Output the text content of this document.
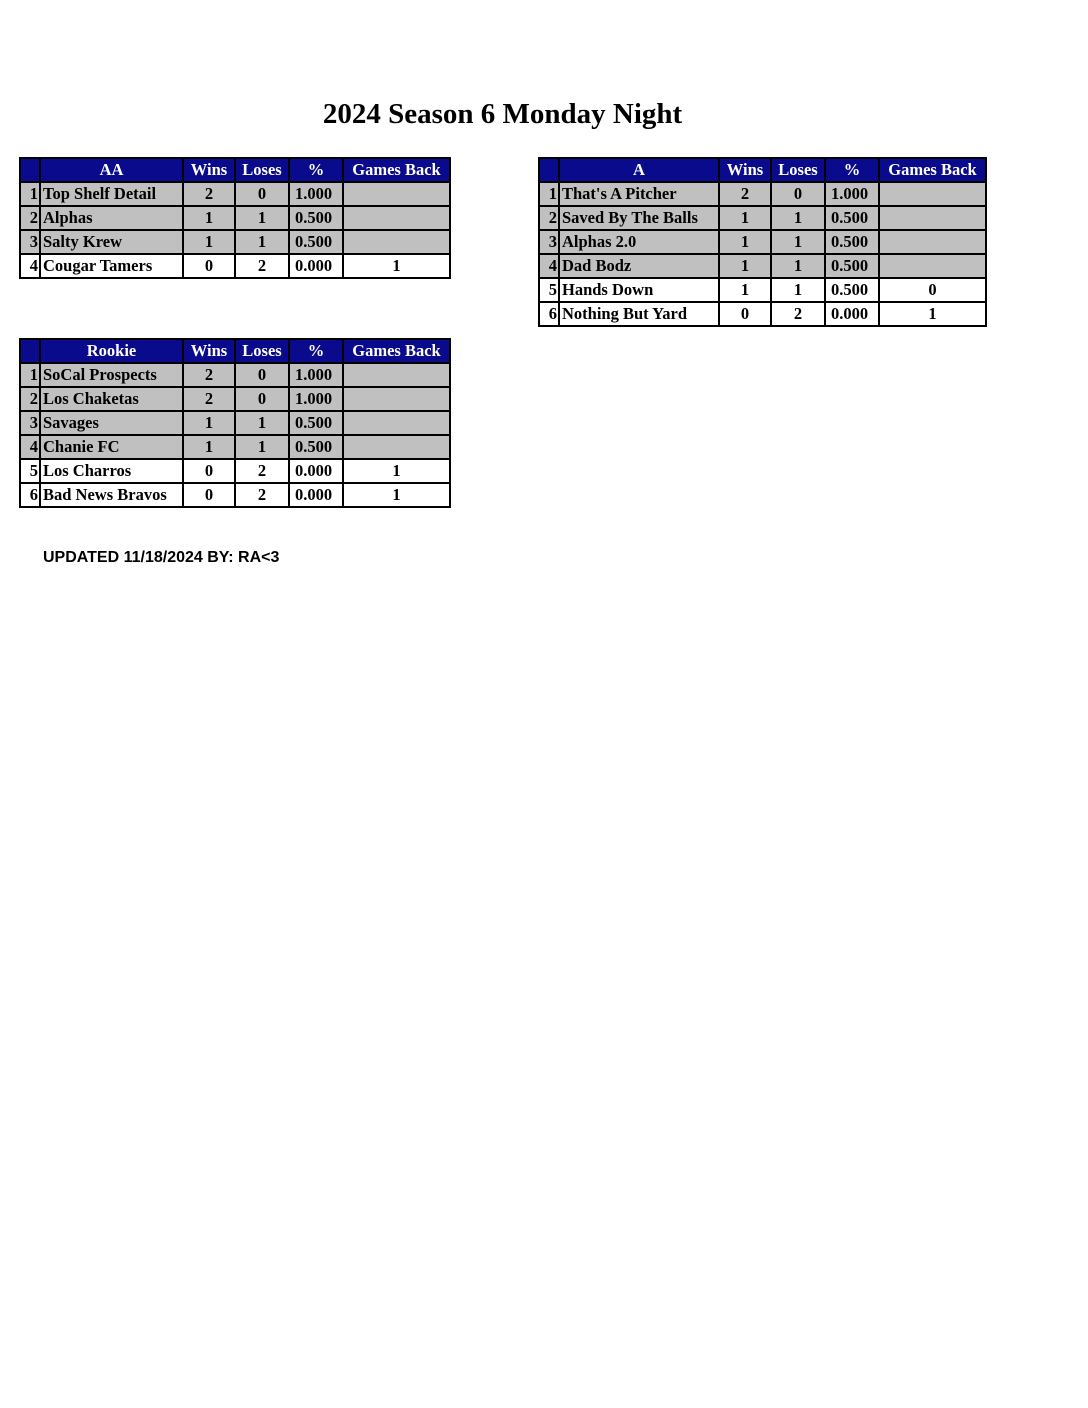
2024 Season 6 Monday Night
	AA	Wins	Loses	%	Games Back
1	Top Shelf Detail	2	0	1.000	
2	Alphas	1	1	0.500	
3	Salty Krew	1	1	0.500	
4	Cougar Tamers	0	2	0.000	1
	A	Wins	Loses	%	Games Back
1	That's A Pitcher	2	0	1.000	
2	Saved By The Balls	1	1	0.500	
3	Alphas 2.0	1	1	0.500	
4	Dad Bodz	1	1	0.500	
5	Hands Down	1	1	0.500	0
6	Nothing But Yard	0	2	0.000	1
	Rookie	Wins	Loses	%	Games Back
1	SoCal Prospects	2	0	1.000	
2	Los Chaketas	2	0	1.000	
3	Savages	1	1	0.500	
4	Chanie FC	1	1	0.500	
5	Los Charros	0	2	0.000	1
6	Bad News Bravos	0	2	0.000	1
UPDATED 11/18/2024 BY: RA<3
